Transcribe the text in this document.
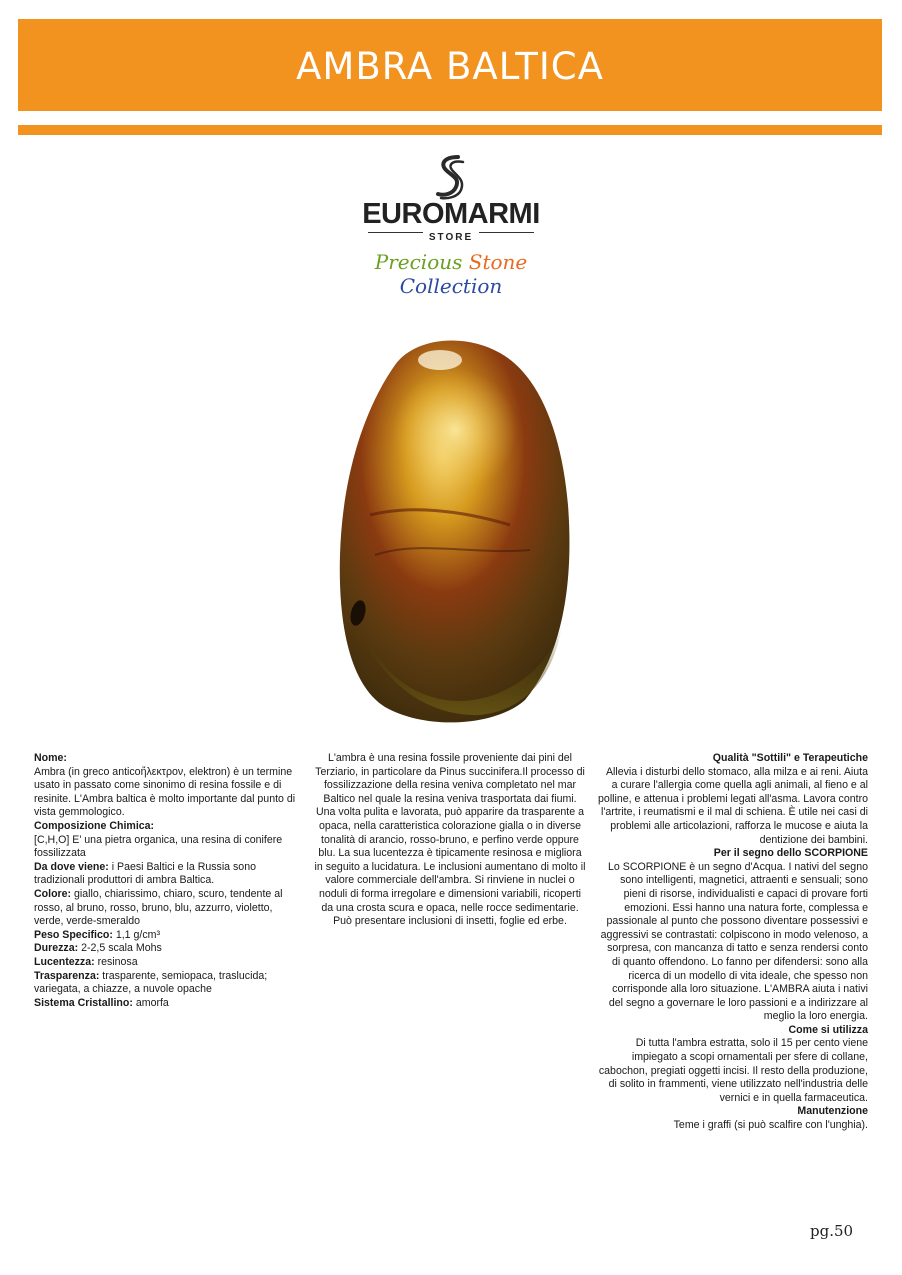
AMBRA BALTICA
EUROMARMI
STORE
Precious Stone Collection

Nome:

Ambra (in greco anticoἤλεκτρον, elektron) è un termine usato in passato come sinonimo di resina fossile e di resinite. L'Ambra baltica è molto importante dal punto di vista gemmologico.

Composizione Chimica:

[C,H,O] E' una pietra organica, una resina di conifere fossilizzata

Da dove viene: i Paesi Baltici e la Russia sono tradizionali produttori di ambra Baltica.

Colore: giallo, chiarissimo, chiaro, scuro, tendente al rosso, al bruno, rosso, bruno, blu, azzurro, violetto, verde, verde-smeraldo

Peso Specifico: 1,1 g/cm³

Durezza: 2-2,5 scala Mohs

Lucentezza: resinosa

Trasparenza: trasparente, semiopaca, traslucida; variegata, a chiazze, a nuvole opache

Sistema Cristallino: amorfa

L'ambra è una resina fossile proveniente dai pini del Terziario, in particolare da Pinus succinifera.Il processo di fossilizzazione della resina veniva completato nel mar Baltico nel quale la resina veniva trasportata dai fiumi. Una volta pulita e lavorata, può apparire da trasparente a opaca, nella caratteristica colorazione gialla o in diverse tonalità di arancio, rosso-bruno, e perfino verde oppure blu. La sua lucentezza è tipicamente resinosa e migliora in seguito a lucidatura. Le inclusioni aumentano di molto il valore commerciale dell'ambra. Si rinviene in nuclei o noduli di forma irregolare e dimensioni variabili, ricoperti da una crosta scura e opaca, nelle rocce sedimentarie. Può presentare inclusioni di insetti, foglie ed erbe.

Qualità "Sottili" e Terapeutiche

Allevia i disturbi dello stomaco, alla milza e ai reni. Aiuta a curare l'allergia come quella agli animali, al fieno e al polline, e attenua i problemi legati all'asma. Lavora contro l'artrite, i reumatismi e il mal di schiena. È utile nei casi di problemi alle articolazioni, rafforza le mucose e aiuta la dentizione dei bambini.

Per il segno dello SCORPIONE

Lo SCORPIONE è un segno d'Acqua. I nativi del segno sono intelligenti, magnetici, attraenti e sensuali; sono pieni di risorse, individualisti e capaci di provare forti emozioni. Essi hanno una natura forte, complessa e passionale al punto che possono diventare possessivi e aggressivi se contrastati: colpiscono in modo velenoso, a sorpresa, con mancanza di tatto e senza rendersi conto di quanto offendono. Lo fanno per difendersi: sono alla ricerca di un modello di vita ideale, che spesso non corrisponde alla loro situazione. L'AMBRA aiuta i nativi del segno a governare le loro passioni e a indirizzare al meglio la loro energia.

Come si utilizza

Di tutta l'ambra estratta, solo il 15 per cento viene impiegato a scopi ornamentali per sfere di collane, cabochon, pregiati oggetti incisi. Il resto della produzione, di solito in frammenti, viene utilizzato nell'industria delle vernici e in quella farmaceutica.

Manutenzione

Teme i graffi (si può scalfire con l'unghia).

pg.50
